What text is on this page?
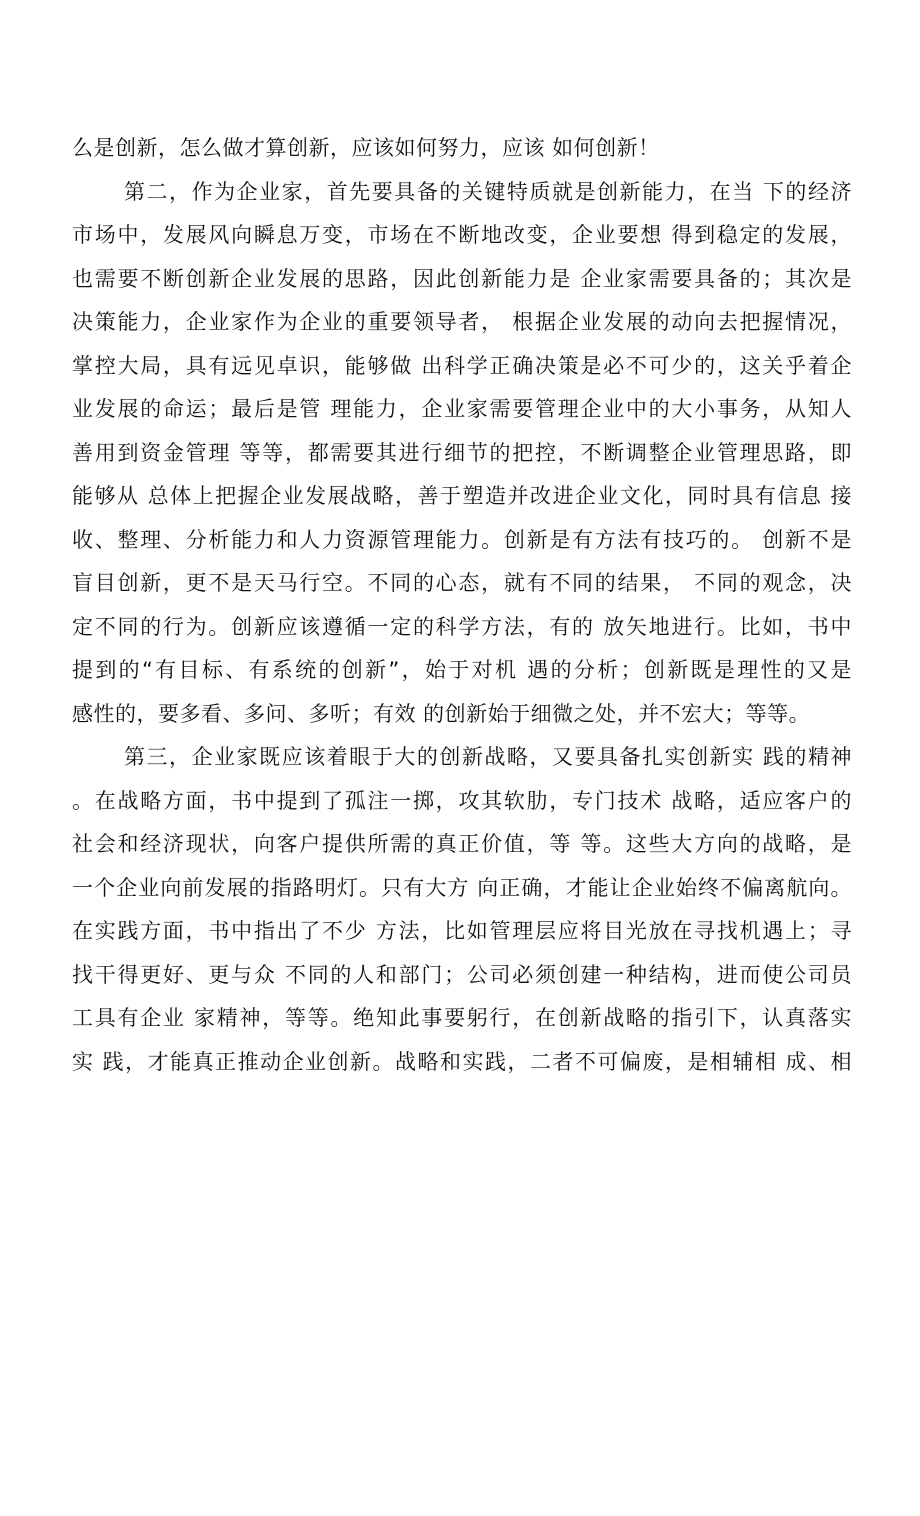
么是创新，怎么做才算创新，应该如何努力，应该 如何创新！
第二，作为企业家，首先要具备的关键特质就是创新能力，在当 下的经济
市场中，发展风向瞬息万变，市场在不断地改变，企业要想 得到稳定的发展，
也需要不断创新企业发展的思路，因此创新能力是 企业家需要具备的；其次是
决策能力，企业家作为企业的重要领导者， 根据企业发展的动向去把握情况，
掌控大局，具有远见卓识，能够做 出科学正确决策是必不可少的，这关乎着企
业发展的命运；最后是管 理能力，企业家需要管理企业中的大小事务，从知人
善用到资金管理 等等，都需要其进行细节的把控，不断调整企业管理思路，即
能够从 总体上把握企业发展战略，善于塑造并改进企业文化，同时具有信息 接
收、整理、分析能力和人力资源管理能力。创新是有方法有技巧的。 创新不是
盲目创新，更不是天马行空。不同的心态，就有不同的结果， 不同的观念，决
定不同的行为。创新应该遵循一定的科学方法，有的 放矢地进行。比如，书中
提到的“有目标、有系统的创新”，始于对机 遇的分析；创新既是理性的又是
感性的，要多看、多问、多听；有效 的创新始于细微之处，并不宏大；等等。
第三，企业家既应该着眼于大的创新战略，又要具备扎实创新实 践的精神
。在战略方面，书中提到了孤注一掷，攻其软肋，专门技术 战略，适应客户的
社会和经济现状，向客户提供所需的真正价值，等 等。这些大方向的战略，是
一个企业向前发展的指路明灯。只有大方 向正确，才能让企业始终不偏离航向。
在实践方面，书中指出了不少 方法，比如管理层应将目光放在寻找机遇上；寻
找干得更好、更与众 不同的人和部门；公司必须创建一种结构，进而使公司员
工具有企业 家精神，等等。绝知此事要躬行，在创新战略的指引下，认真落实
实 践，才能真正推动企业创新。战略和实践，二者不可偏废，是相辅相 成、相
